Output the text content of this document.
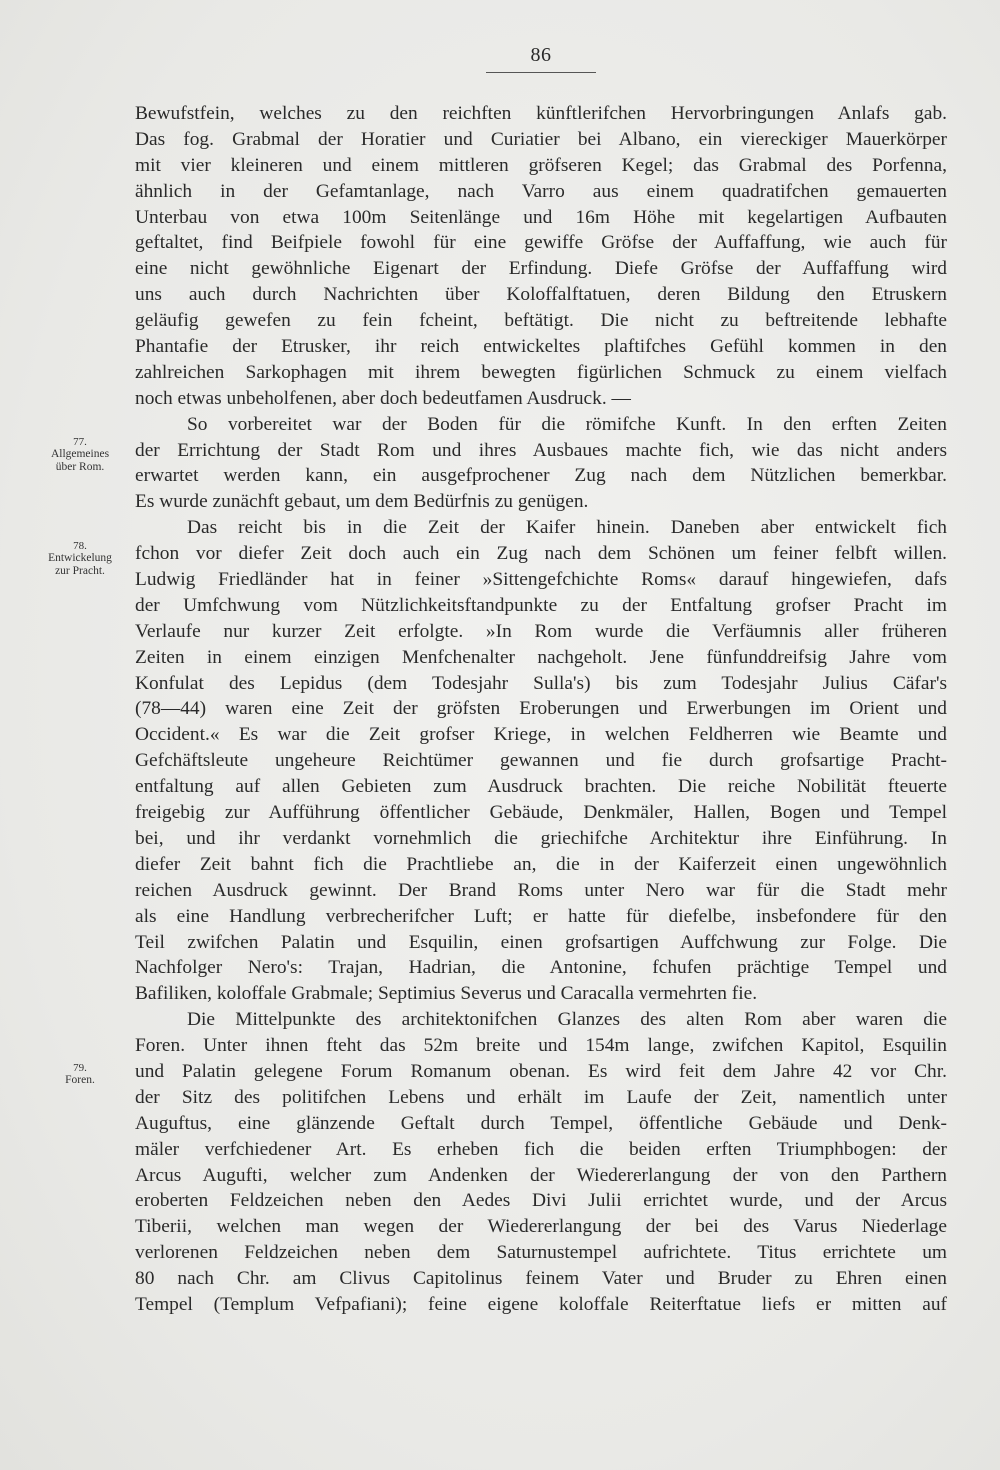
86
77.
Allgemeines
über Rom.
78.
Entwickelung
zur Pracht.
79.
Foren.
Bewufstfein, welches zu den reichften künftlerifchen Hervorbringungen Anlafs gab.
Das fog. Grabmal der Horatier und Curiatier bei Albano, ein viereckiger Mauerkörper
mit vier kleineren und einem mittleren gröfseren Kegel; das Grabmal des Porfenna,
ähnlich in der Gefamtanlage, nach Varro aus einem quadratifchen gemauerten
Unterbau von etwa 100m Seitenlänge und 16m Höhe mit kegelartigen Aufbauten
geftaltet, find Beifpiele fowohl für eine gewiffe Gröfse der Auffaffung, wie auch für
eine nicht gewöhnliche Eigenart der Erfindung. Diefe Gröfse der Auffaffung wird
uns auch durch Nachrichten über Koloffalftatuen, deren Bildung den Etruskern
geläufig gewefen zu fein fcheint, beftätigt. Die nicht zu beftreitende lebhafte
Phantafie der Etrusker, ihr reich entwickeltes plaftifches Gefühl kommen in den
zahlreichen Sarkophagen mit ihrem bewegten figürlichen Schmuck zu einem vielfach
noch etwas unbeholfenen, aber doch bedeutfamen Ausdruck. —
So vorbereitet war der Boden für die römifche Kunft. In den erften Zeiten
der Errichtung der Stadt Rom und ihres Ausbaues machte fich, wie das nicht anders
erwartet werden kann, ein ausgefprochener Zug nach dem Nützlichen bemerkbar.
Es wurde zunächft gebaut, um dem Bedürfnis zu genügen.
Das reicht bis in die Zeit der Kaifer hinein. Daneben aber entwickelt fich
fchon vor diefer Zeit doch auch ein Zug nach dem Schönen um feiner felbft willen.
Ludwig Friedländer hat in feiner »Sittengefchichte Roms« darauf hingewiefen, dafs
der Umfchwung vom Nützlichkeitsftandpunkte zu der Entfaltung grofser Pracht im
Verlaufe nur kurzer Zeit erfolgte. »In Rom wurde die Verfäumnis aller früheren
Zeiten in einem einzigen Menfchenalter nachgeholt. Jene fünfunddreifsig Jahre vom
Konfulat des Lepidus (dem Todesjahr Sulla's) bis zum Todesjahr Julius Cäfar's
(78—44) waren eine Zeit der gröfsten Eroberungen und Erwerbungen im Orient und
Occident.« Es war die Zeit grofser Kriege, in welchen Feldherren wie Beamte und
Gefchäftsleute ungeheure Reichtümer gewannen und fie durch grofsartige Pracht-
entfaltung auf allen Gebieten zum Ausdruck brachten. Die reiche Nobilität fteuerte
freigebig zur Aufführung öffentlicher Gebäude, Denkmäler, Hallen, Bogen und Tempel
bei, und ihr verdankt vornehmlich die griechifche Architektur ihre Einführung. In
diefer Zeit bahnt fich die Prachtliebe an, die in der Kaiferzeit einen ungewöhnlich
reichen Ausdruck gewinnt. Der Brand Roms unter Nero war für die Stadt mehr
als eine Handlung verbrecherifcher Luft; er hatte für diefelbe, insbefondere für den
Teil zwifchen Palatin und Esquilin, einen grofsartigen Auffchwung zur Folge. Die
Nachfolger Nero's: Trajan, Hadrian, die Antonine, fchufen prächtige Tempel und
Bafiliken, koloffale Grabmale; Septimius Severus und Caracalla vermehrten fie.
Die Mittelpunkte des architektonifchen Glanzes des alten Rom aber waren die
Foren. Unter ihnen fteht das 52m breite und 154m lange, zwifchen Kapitol, Esquilin
und Palatin gelegene Forum Romanum obenan. Es wird feit dem Jahre 42 vor Chr.
der Sitz des politifchen Lebens und erhält im Laufe der Zeit, namentlich unter
Auguftus, eine glänzende Geftalt durch Tempel, öffentliche Gebäude und Denk-
mäler verfchiedener Art. Es erheben fich die beiden erften Triumphbogen: der
Arcus Augufti, welcher zum Andenken der Wiedererlangung der von den Parthern
eroberten Feldzeichen neben den Aedes Divi Julii errichtet wurde, und der Arcus
Tiberii, welchen man wegen der Wiedererlangung der bei des Varus Niederlage
verlorenen Feldzeichen neben dem Saturnustempel aufrichtete. Titus errichtete um
80 nach Chr. am Clivus Capitolinus feinem Vater und Bruder zu Ehren einen
Tempel (Templum Vefpafiani); feine eigene koloffale Reiterftatue liefs er mitten auf
